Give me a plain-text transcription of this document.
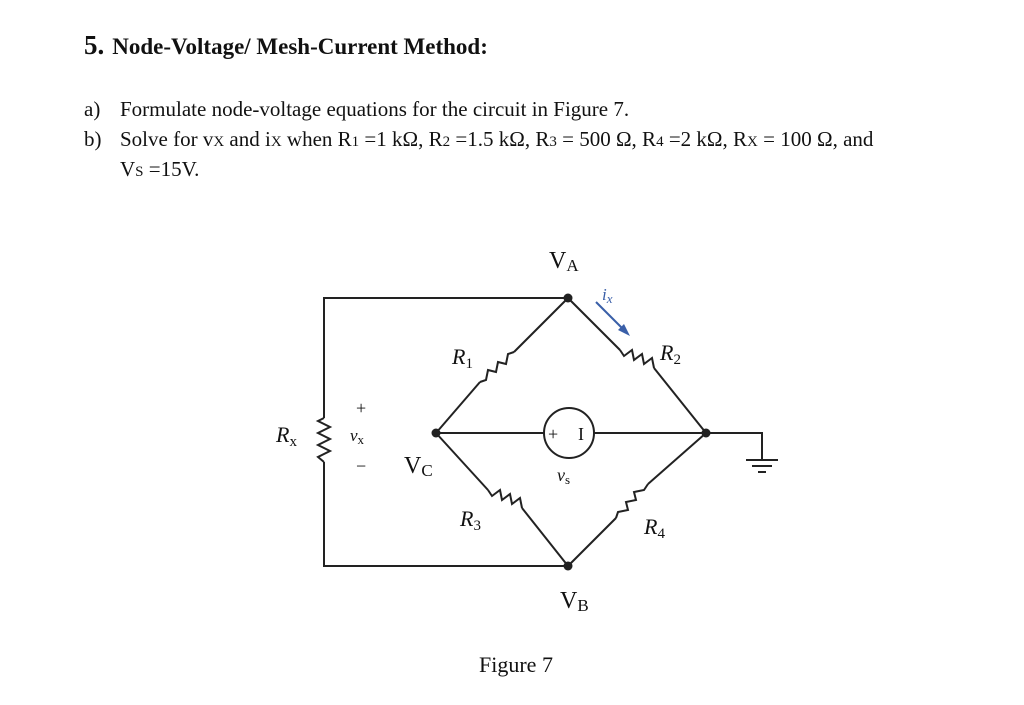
5. Node-Voltage/ Mesh-Current Method:
a) Formulate node-voltage equations for the circuit in Figure 7.
b) Solve for vX and iX when R1 =1 kΩ, R2 =1.5 kΩ, R3 = 500 Ω, R4 =2 kΩ, RX = 100 Ω, and
VS =15V.
VA
VB
VC
R1	R2
R3	R4
Rx	+ I
vs
+
vx
−
ix
Figure 7
